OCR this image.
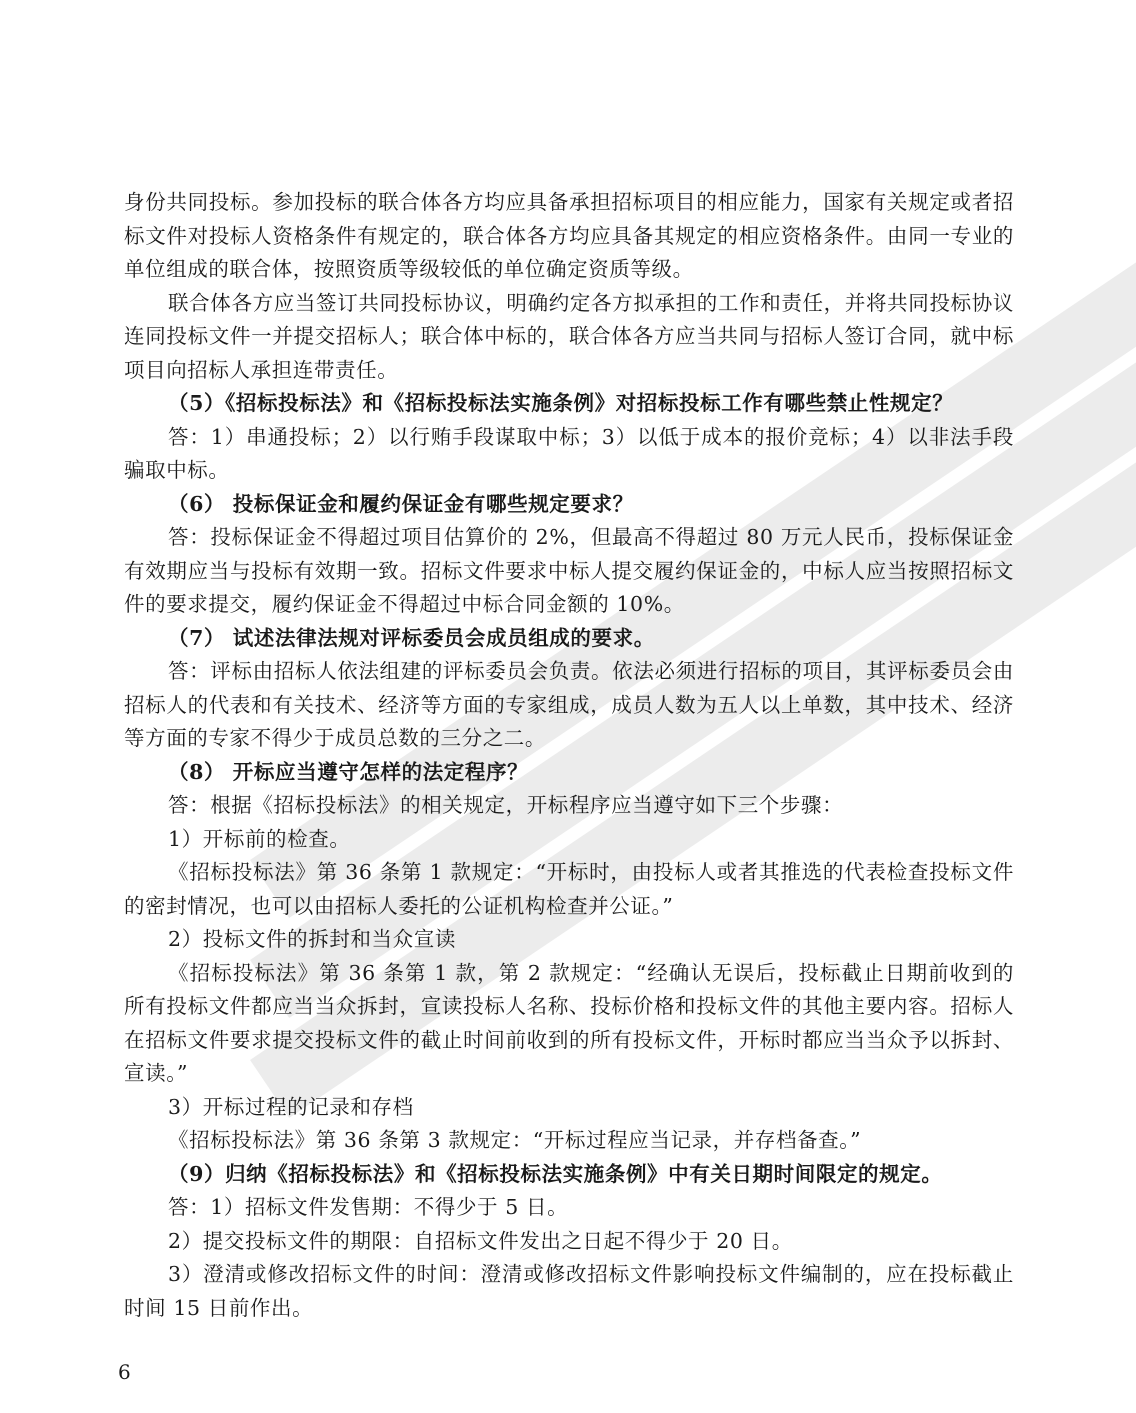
身份共同投标。参加投标的联合体各方均应具备承担招标项目的相应能力，国家有关规定或者招标文件对投标人资格条件有规定的，联合体各方均应具备其规定的相应资格条件。由同一专业的单位组成的联合体，按照资质等级较低的单位确定资质等级。

联合体各方应当签订共同投标协议，明确约定各方拟承担的工作和责任，并将共同投标协议连同投标文件一并提交招标人；联合体中标的，联合体各方应当共同与招标人签订合同，就中标项目向招标人承担连带责任。

（5）《招标投标法》和《招标投标法实施条例》对招标投标工作有哪些禁止性规定？

答：1）串通投标；2）以行贿手段谋取中标；3）以低于成本的报价竞标；4）以非法手段骗取中标。

（6） 投标保证金和履约保证金有哪些规定要求？

答：投标保证金不得超过项目估算价的 2%，但最高不得超过 80 万元人民币，投标保证金有效期应当与投标有效期一致。招标文件要求中标人提交履约保证金的，中标人应当按照招标文件的要求提交，履约保证金不得超过中标合同金额的 10%。

（7） 试述法律法规对评标委员会成员组成的要求。

答：评标由招标人依法组建的评标委员会负责。依法必须进行招标的项目，其评标委员会由招标人的代表和有关技术、经济等方面的专家组成，成员人数为五人以上单数，其中技术、经济等方面的专家不得少于成员总数的三分之二。

（8） 开标应当遵守怎样的法定程序？

答：根据《招标投标法》的相关规定，开标程序应当遵守如下三个步骤：

1）开标前的检查。

《招标投标法》第 36 条第 1 款规定：“开标时，由投标人或者其推选的代表检查投标文件的密封情况，也可以由招标人委托的公证机构检查并公证。”

2）投标文件的拆封和当众宣读

《招标投标法》第 36 条第 1 款，第 2 款规定：“经确认无误后，投标截止日期前收到的所有投标文件都应当当众拆封，宣读投标人名称、投标价格和投标文件的其他主要内容。招标人在招标文件要求提交投标文件的截止时间前收到的所有投标文件，开标时都应当当众予以拆封、宣读。”

3）开标过程的记录和存档

《招标投标法》第 36 条第 3 款规定：“开标过程应当记录，并存档备查。”

（9）归纳《招标投标法》和《招标投标法实施条例》中有关日期时间限定的规定。

答：1）招标文件发售期：不得少于 5 日。

2）提交投标文件的期限：自招标文件发出之日起不得少于 20 日。

3）澄清或修改招标文件的时间：澄清或修改招标文件影响投标文件编制的，应在投标截止时间 15 日前作出。

6
